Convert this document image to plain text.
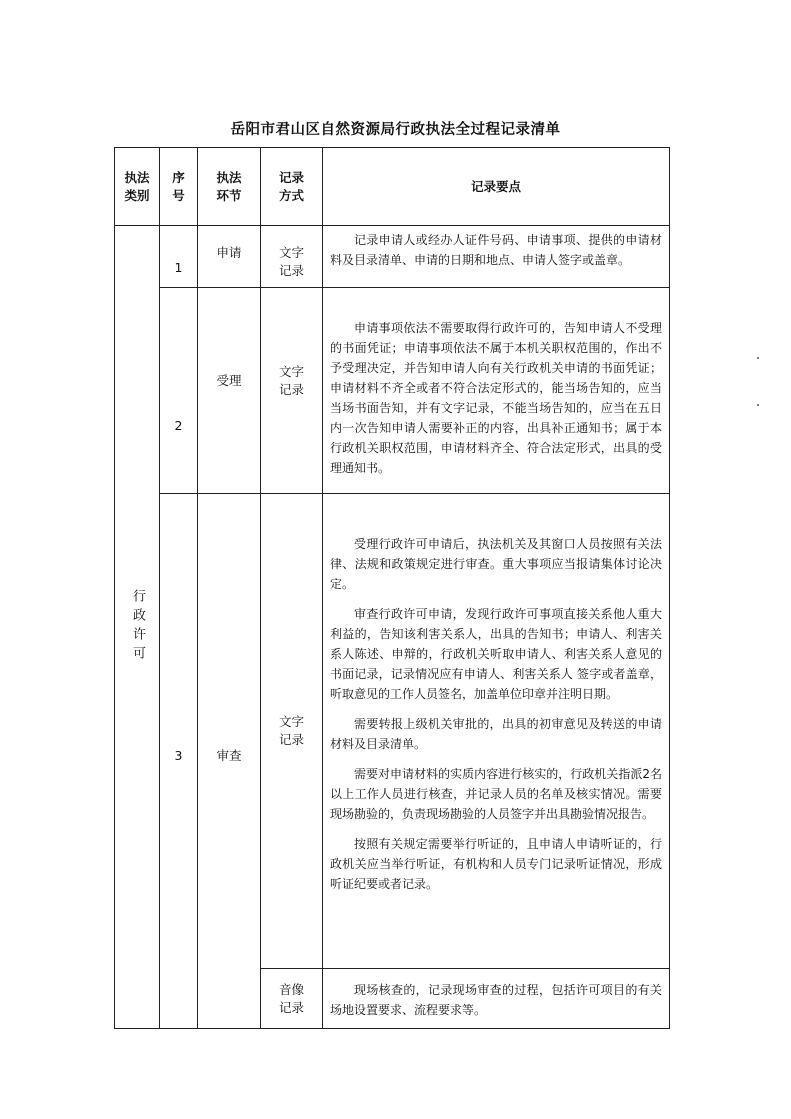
岳阳市君山区自然资源局行政执法全过程记录清单
执法
类别
序
号
执法
环节
记录
方式
记录要点
行政许可
1
申请	文字
记录

记录申请人或经办人证件号码、申请事项、提供的申请材料及目录清单、申请的日期和地点、申请人签字或盖章。

2
受理
文字
记录

申请事项依法不需要取得行政许可的，告知申请人不受理的书面凭证；申请事项依法不属于本机关职权范围的，作出不予受理决定，并告知申请人向有关行政机关申请的书面凭证；申请材料不齐全或者不符合法定形式的，能当场告知的，应当当场书面告知，并有文字记录，不能当场告知的，应当在五日内一次告知申请人需要补正的内容，出具补正通知书；属于本行政机关职权范围，申请材料齐全、符合法定形式，出具的受理通知书。

3	审查
文字
记录

受理行政许可申请后，执法机关及其窗口人员按照有关法律、法规和政策规定进行审查。重大事项应当报请集体讨论决定。

审查行政许可申请，发现行政许可事项直接关系他人重大利益的，告知该利害关系人，出具的告知书；申请人、利害关系人陈述、申辩的，行政机关听取申请人、利害关系人意见的书面记录，记录情况应有申请人、利害关系人 签字或者盖章，听取意见的工作人员签名，加盖单位印章并注明日期。

需要转报上级机关审批的，出具的初审意见及转送的申请材料及目录清单。

需要对申请材料的实质内容进行核实的，行政机关指派2名以上工作人员进行核查，并记录人员的名单及核实情况。需要现场勘验的，负责现场勘验的人员签字并出具勘验情况报告。

按照有关规定需要举行听证的，且申请人申请听证的，行政机关应当举行听证，有机构和人员专门记录听证情况，形成听证纪要或者记录。

音像
记录

现场核查的，记录现场审查的过程，包括许可项目的有关场地设置要求、流程要求等。
